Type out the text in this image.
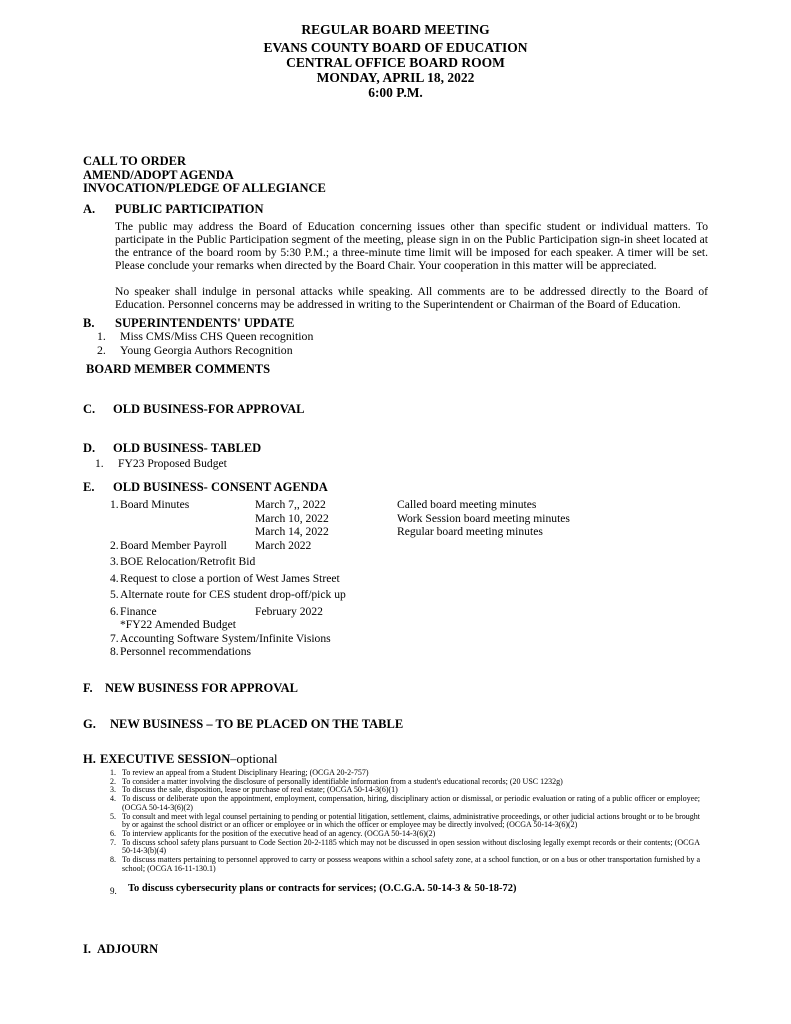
REGULAR BOARD MEETING
EVANS COUNTY BOARD OF EDUCATION
CENTRAL OFFICE BOARD ROOM
MONDAY, APRIL 18, 2022
6:00 P.M.
CALL TO ORDER
AMEND/ADOPT AGENDA
INVOCATION/PLEDGE OF ALLEGIANCE
A. PUBLIC PARTICIPATION
The public may address the Board of Education concerning issues other than specific student or individual matters. To participate in the Public Participation segment of the meeting, please sign in on the Public Participation sign-in sheet located at the entrance of the board room by 5:30 P.M.; a three-minute time limit will be imposed for each speaker. A timer will be set. Please conclude your remarks when directed by the Board Chair. Your cooperation in this matter will be appreciated.
No speaker shall indulge in personal attacks while speaking. All comments are to be addressed directly to the Board of Education. Personnel concerns may be addressed in writing to the Superintendent or Chairman of the Board of Education.
B. SUPERINTENDENTS' UPDATE
1.	Miss CMS/Miss CHS Queen recognition
2.	Young Georgia Authors Recognition
BOARD MEMBER COMMENTS
C. OLD BUSINESS-FOR APPROVAL
D. OLD BUSINESS- TABLED
1.	FY23 Proposed Budget
E. OLD BUSINESS- CONSENT AGENDA
1. Board Minutes	March 7,, 2022	Called board meeting minutes
March 10, 2022	Work Session board meeting minutes
March 14, 2022	Regular board meeting minutes
2. Board Member Payroll	March 2022
3. BOE Relocation/Retrofit Bid
4. Request to close a portion of West James Street
5. Alternate route for CES student drop-off/pick up
6. Finance	February 2022
*FY22 Amended Budget
7. Accounting Software System/Infinite Visions
8. Personnel recommendations
F. NEW BUSINESS FOR APPROVAL
G. NEW BUSINESS – TO BE PLACED ON THE TABLE
H. EXECUTIVE SESSION–optional
1. To review an appeal from a Student Disciplinary Hearing; (OCGA 20-2-757)
2. To consider a matter involving the disclosure of personally identifiable information from a student's educational records; (20 USC 1232g)
3. To discuss the sale, disposition, lease or purchase of real estate; (OCGA 50-14-3(6)(1)
4. To discuss or deliberate upon the appointment, employment, compensation, hiring, disciplinary action or dismissal, or periodic evaluation or rating of a public officer or employee; (OCGA 50-14-3(6)(2)
5. To consult and meet with legal counsel pertaining to pending or potential litigation, settlement, claims, administrative proceedings, or other judicial actions brought or to be brought by or against the school district or an officer or employee or in which the officer or employee may be directly involved; (OCGA 50-14-3(6)(2)
6. To interview applicants for the position of the executive head of an agency. (OCGA 50-14-3(6)(2)
7. To discuss school safety plans pursuant to Code Section 20-2-1185 which may not be discussed in open session without disclosing legally exempt records or their contents; (OCGA 50-14-3(b)(4)
8. To discuss matters pertaining to personnel approved to carry or possess weapons within a school safety zone, at a school function, or on a bus or other transportation furnished by a school; (OCGA 16-11-130.1)
9.	To discuss cybersecurity plans or contracts for services; (O.C.G.A. 50-14-3 & 50-18-72)
I. ADJOURN
